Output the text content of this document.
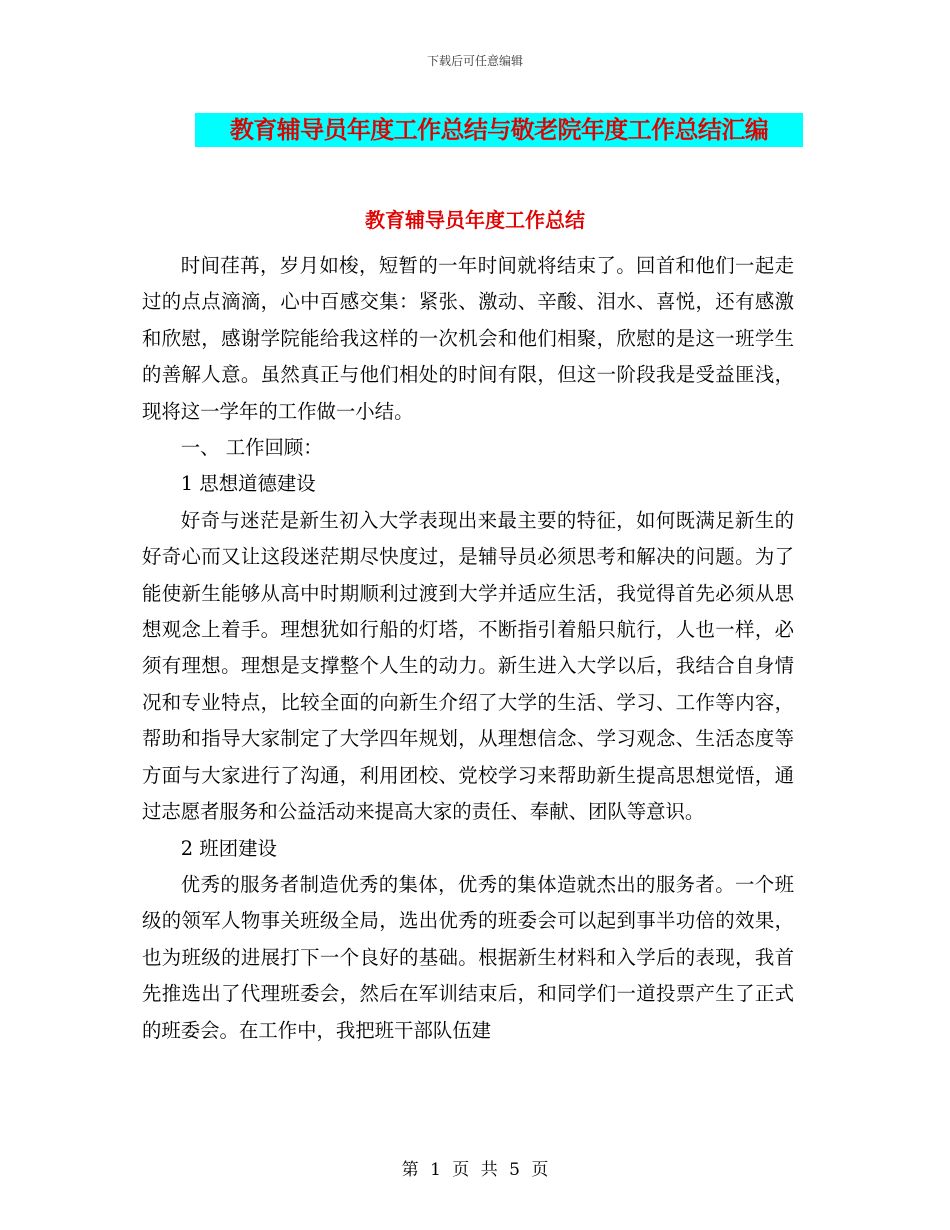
下载后可任意编辑
教育辅导员年度工作总结与敬老院年度工作总结汇编
教育辅导员年度工作总结

时间荏苒，岁月如梭，短暂的一年时间就将结束了。回首和他们一起走过的点点滴滴，心中百感交集：紧张、激动、辛酸、泪水、喜悦，还有感激和欣慰，感谢学院能给我这样的一次机会和他们相聚，欣慰的是这一班学生的善解人意。虽然真正与他们相处的时间有限，但这一阶段我是受益匪浅，现将这一学年的工作做一小结。

一、 工作回顾：

1 思想道德建设

好奇与迷茫是新生初入大学表现出来最主要的特征，如何既满足新生的好奇心而又让这段迷茫期尽快度过，是辅导员必须思考和解决的问题。为了能使新生能够从高中时期顺利过渡到大学并适应生活，我觉得首先必须从思想观念上着手。理想犹如行船的灯塔，不断指引着船只航行，人也一样，必须有理想。理想是支撑整个人生的动力。新生进入大学以后，我结合自身情况和专业特点，比较全面的向新生介绍了大学的生活、学习、工作等内容，帮助和指导大家制定了大学四年规划，从理想信念、学习观念、生活态度等方面与大家进行了沟通，利用团校、党校学习来帮助新生提高思想觉悟，通过志愿者服务和公益活动来提高大家的责任、奉献、团队等意识。

2 班团建设

优秀的服务者制造优秀的集体，优秀的集体造就杰出的服务者。一个班级的领军人物事关班级全局，选出优秀的班委会可以起到事半功倍的效果，也为班级的进展打下一个良好的基础。根据新生材料和入学后的表现，我首先推选出了代理班委会，然后在军训结束后，和同学们一道投票产生了正式的班委会。在工作中，我把班干部队伍建

第 1 页 共 5 页
